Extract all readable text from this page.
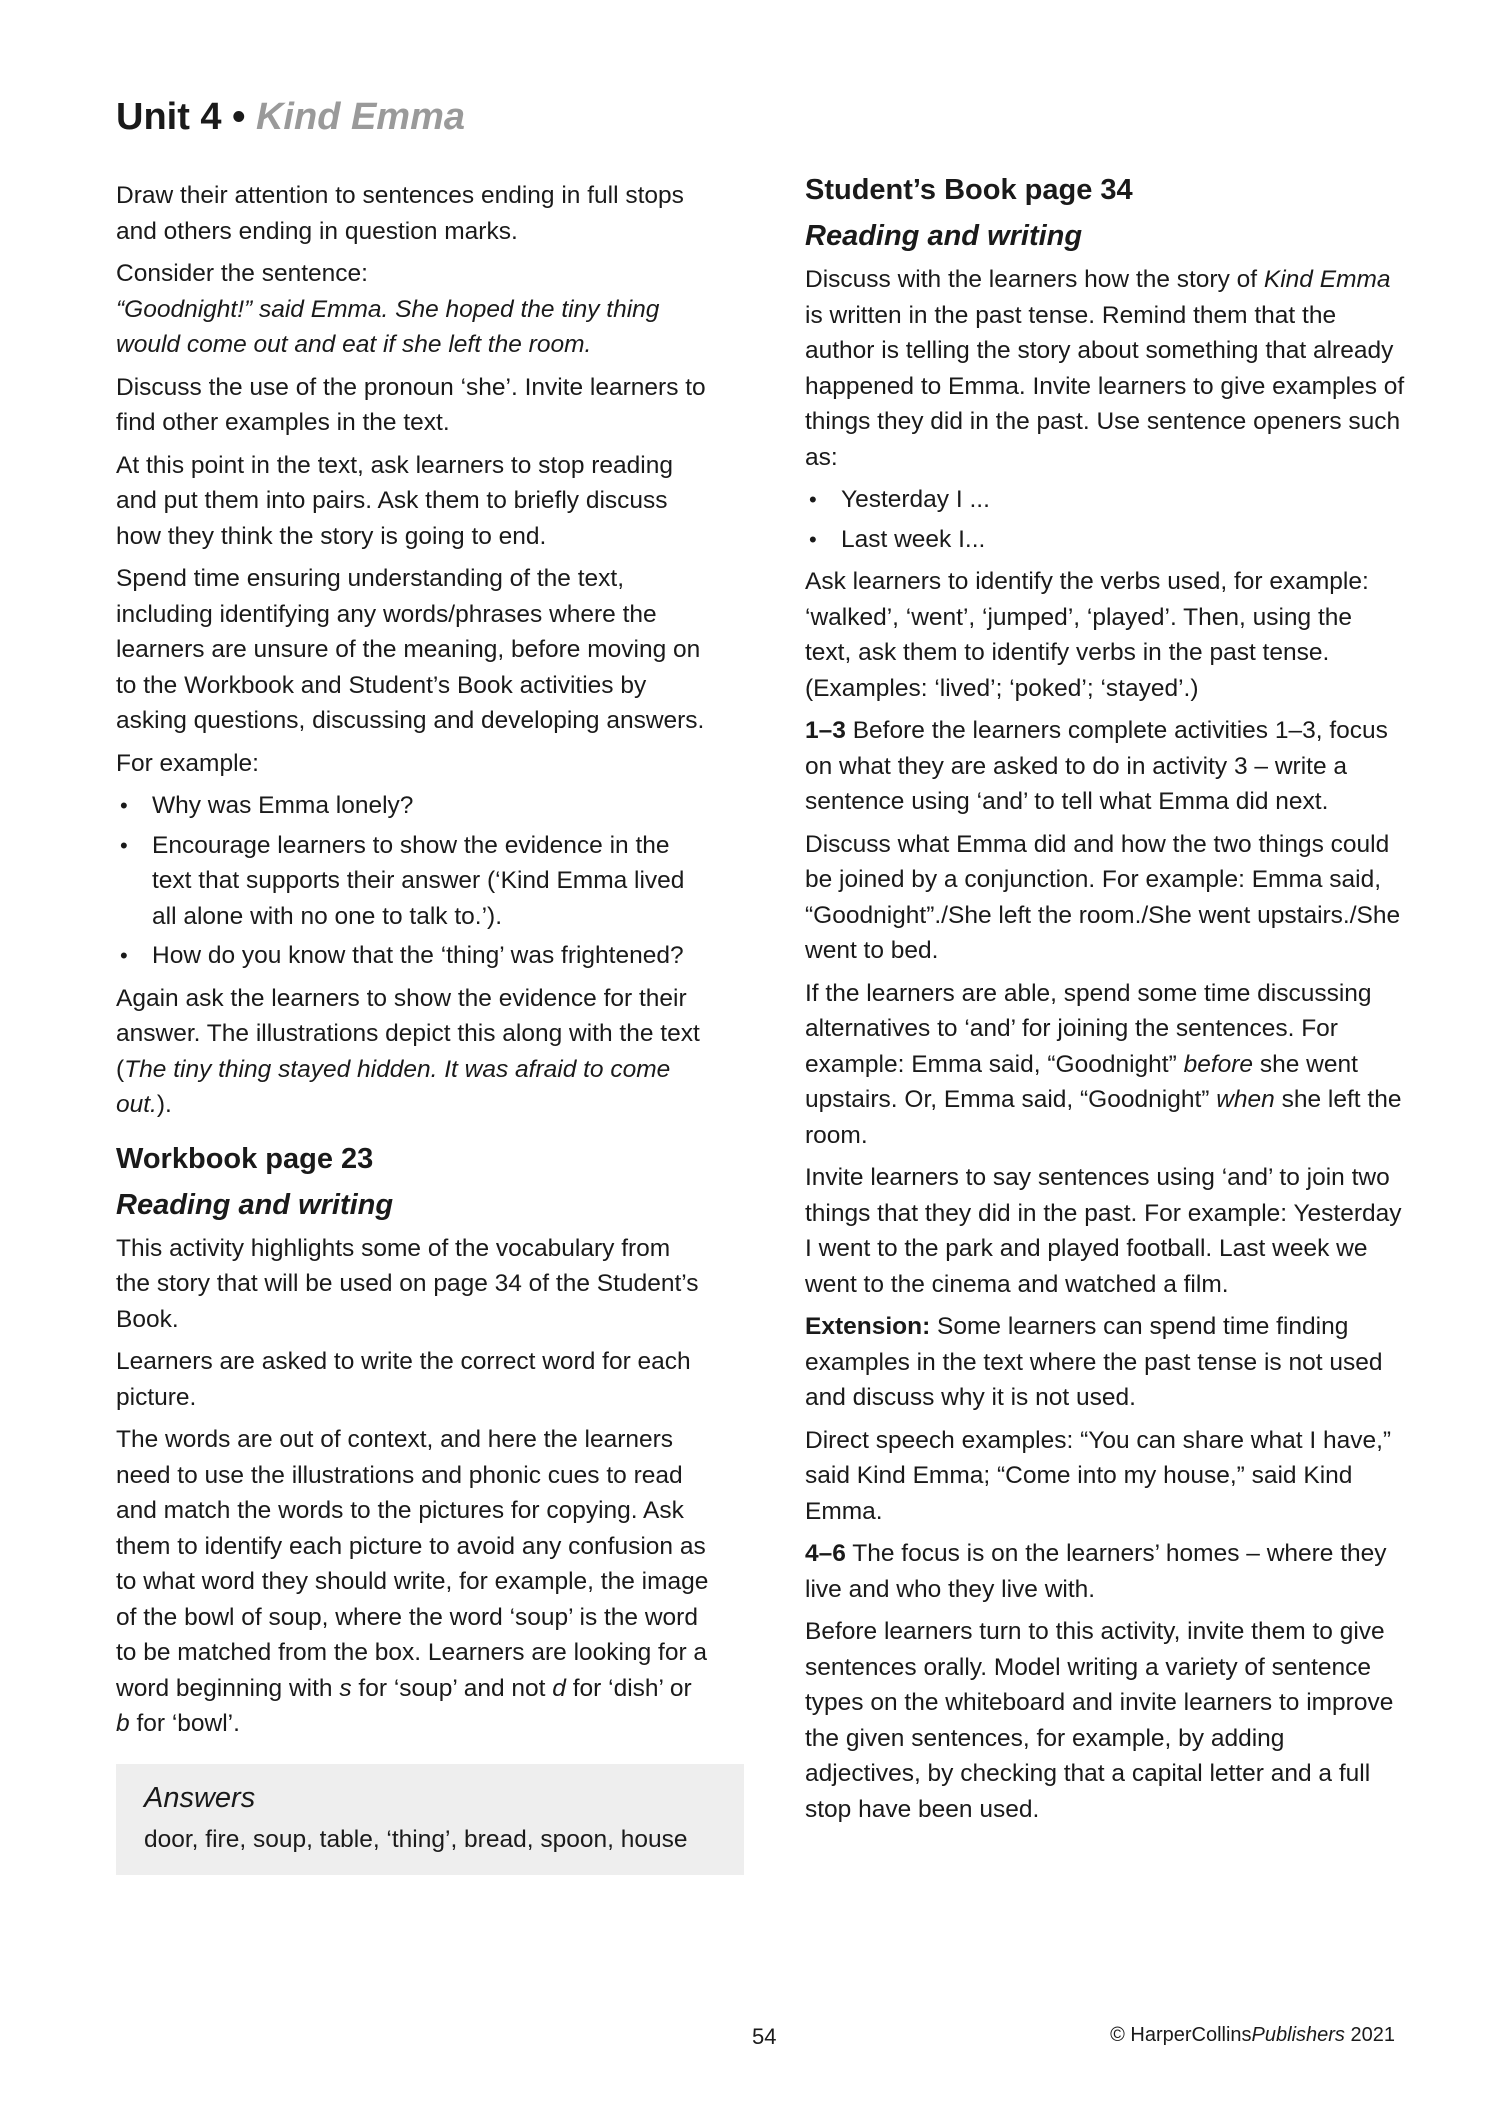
Unit 4 • Kind Emma

Draw their attention to sentences ending in full stops and others ending in question marks.

Consider the sentence:
“Goodnight!” said Emma. She hoped the tiny thing would come out and eat if she left the room.

Discuss the use of the pronoun ‘she’. Invite learners to find other examples in the text.

At this point in the text, ask learners to stop reading and put them into pairs. Ask them to briefly discuss how they think the story is going to end.

Spend time ensuring understanding of the text, including identifying any words/phrases where the learners are unsure of the meaning, before moving on to the Workbook and Student’s Book activities by asking questions, discussing and developing answers.

For example:

• Why was Emma lonely?
• Encourage learners to show the evidence in the text that supports their answer (‘Kind Emma lived all alone with no one to talk to.’).
• How do you know that the ‘thing’ was frightened?

Again ask the learners to show the evidence for their answer. The illustrations depict this along with the text (The tiny thing stayed hidden. It was afraid to come out.).

Workbook page 23
Reading and writing

This activity highlights some of the vocabulary from the story that will be used on page 34 of the Student’s Book.

Learners are asked to write the correct word for each picture.

The words are out of context, and here the learners need to use the illustrations and phonic cues to read and match the words to the pictures for copying. Ask them to identify each picture to avoid any confusion as to what word they should write, for example, the image of the bowl of soup, where the word ‘soup’ is the word to be matched from the box. Learners are looking for a word beginning with s for ‘soup’ and not d for ‘dish’ or b for ‘bowl’.

Answers
door, fire, soup, table, ‘thing’, bread, spoon, house
Student’s Book page 34
Reading and writing

Discuss with the learners how the story of Kind Emma is written in the past tense. Remind them that the author is telling the story about something that already happened to Emma. Invite learners to give examples of things they did in the past. Use sentence openers such as:

• Yesterday I ...
• Last week I...

Ask learners to identify the verbs used, for example: ‘walked’, ‘went’, ‘jumped’, ‘played’. Then, using the text, ask them to identify verbs in the past tense. (Examples: ‘lived’; ‘poked’; ‘stayed’.)

1–3 Before the learners complete activities 1–3, focus on what they are asked to do in activity 3 – write a sentence using ‘and’ to tell what Emma did next.

Discuss what Emma did and how the two things could be joined by a conjunction. For example: Emma said, “Goodnight”./She left the room./She went upstairs./She went to bed.

If the learners are able, spend some time discussing alternatives to ‘and’ for joining the sentences. For example: Emma said, “Goodnight” before she went upstairs. Or, Emma said, “Goodnight” when she left the room.

Invite learners to say sentences using ‘and’ to join two things that they did in the past. For example: Yesterday I went to the park and played football. Last week we went to the cinema and watched a film.

Extension: Some learners can spend time finding examples in the text where the past tense is not used and discuss why it is not used.

Direct speech examples: “You can share what I have,” said Kind Emma; “Come into my house,” said Kind Emma.

4–6 The focus is on the learners’ homes – where they live and who they live with.

Before learners turn to this activity, invite them to give sentences orally. Model writing a variety of sentence types on the whiteboard and invite learners to improve the given sentences, for example, by adding adjectives, by checking that a capital letter and a full stop have been used.

54	© HarperCollinsPublishers 2021
